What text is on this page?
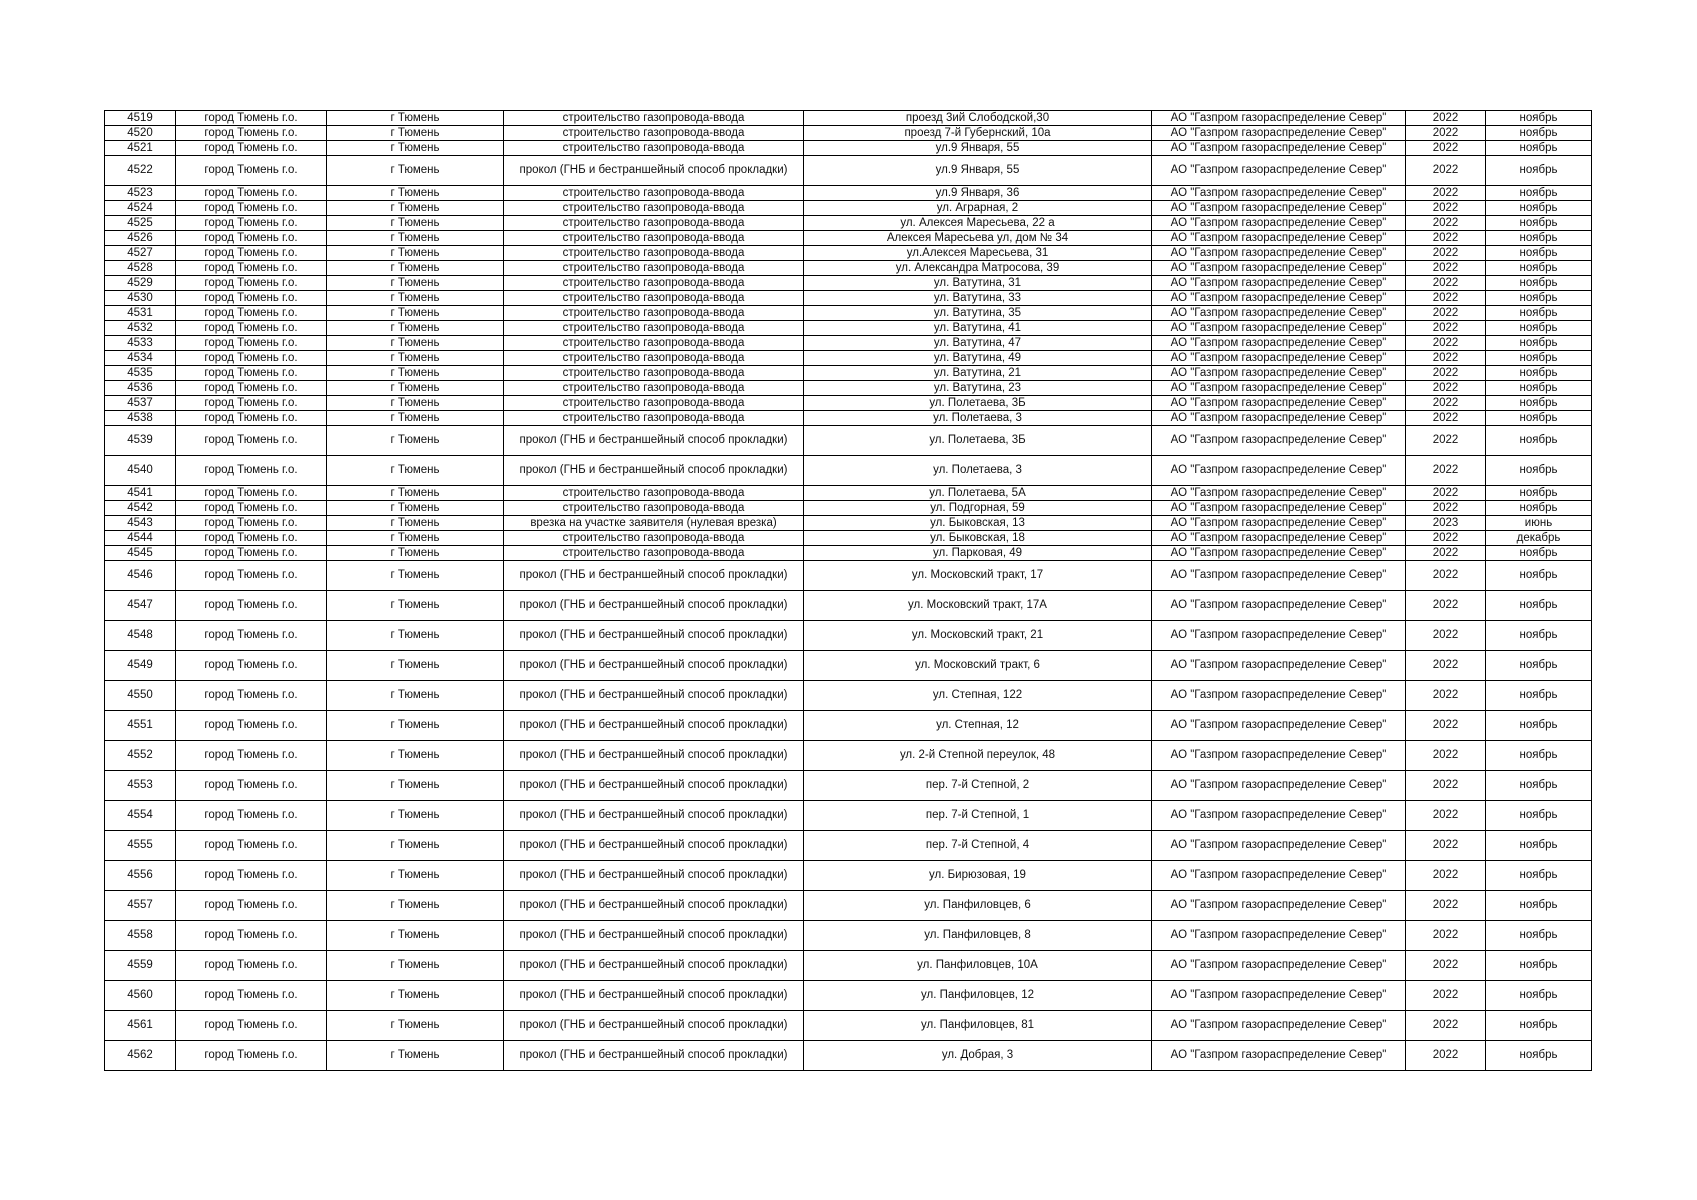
4519	город Тюмень г.о.	г Тюмень	строительство газопровода-ввода	проезд 3ий Слободской,30	АО "Газпром газораспределение Север"	2022	ноябрь
4520	город Тюмень г.о.	г Тюмень	строительство газопровода-ввода	проезд 7-й Губернский, 10а	АО "Газпром газораспределение Север"	2022	ноябрь
4521	город Тюмень г.о.	г Тюмень	строительство газопровода-ввода	ул.9 Января, 55	АО "Газпром газораспределение Север"	2022	ноябрь
4522	город Тюмень г.о.	г Тюмень	прокол (ГНБ и бестраншейный способ прокладки)	ул.9 Января, 55	АО "Газпром газораспределение Север"	2022	ноябрь
4523	город Тюмень г.о.	г Тюмень	строительство газопровода-ввода	ул.9 Января, 36	АО "Газпром газораспределение Север"	2022	ноябрь
4524	город Тюмень г.о.	г Тюмень	строительство газопровода-ввода	ул. Аграрная, 2	АО "Газпром газораспределение Север"	2022	ноябрь
4525	город Тюмень г.о.	г Тюмень	строительство газопровода-ввода	ул. Алексея Маресьева, 22 а	АО "Газпром газораспределение Север"	2022	ноябрь
4526	город Тюмень г.о.	г Тюмень	строительство газопровода-ввода	Алексея Маресьева ул, дом № 34	АО "Газпром газораспределение Север"	2022	ноябрь
4527	город Тюмень г.о.	г Тюмень	строительство газопровода-ввода	ул.Алексея Маресьева, 31	АО "Газпром газораспределение Север"	2022	ноябрь
4528	город Тюмень г.о.	г Тюмень	строительство газопровода-ввода	ул. Александра Матросова, 39	АО "Газпром газораспределение Север"	2022	ноябрь
4529	город Тюмень г.о.	г Тюмень	строительство газопровода-ввода	ул. Ватутина, 31	АО "Газпром газораспределение Север"	2022	ноябрь
4530	город Тюмень г.о.	г Тюмень	строительство газопровода-ввода	ул. Ватутина, 33	АО "Газпром газораспределение Север"	2022	ноябрь
4531	город Тюмень г.о.	г Тюмень	строительство газопровода-ввода	ул. Ватутина, 35	АО "Газпром газораспределение Север"	2022	ноябрь
4532	город Тюмень г.о.	г Тюмень	строительство газопровода-ввода	ул. Ватутина, 41	АО "Газпром газораспределение Север"	2022	ноябрь
4533	город Тюмень г.о.	г Тюмень	строительство газопровода-ввода	ул. Ватутина, 47	АО "Газпром газораспределение Север"	2022	ноябрь
4534	город Тюмень г.о.	г Тюмень	строительство газопровода-ввода	ул. Ватутина, 49	АО "Газпром газораспределение Север"	2022	ноябрь
4535	город Тюмень г.о.	г Тюмень	строительство газопровода-ввода	ул. Ватутина, 21	АО "Газпром газораспределение Север"	2022	ноябрь
4536	город Тюмень г.о.	г Тюмень	строительство газопровода-ввода	ул. Ватутина, 23	АО "Газпром газораспределение Север"	2022	ноябрь
4537	город Тюмень г.о.	г Тюмень	строительство газопровода-ввода	ул. Полетаева, 3Б	АО "Газпром газораспределение Север"	2022	ноябрь
4538	город Тюмень г.о.	г Тюмень	строительство газопровода-ввода	ул. Полетаева, 3	АО "Газпром газораспределение Север"	2022	ноябрь
4539	город Тюмень г.о.	г Тюмень	прокол (ГНБ и бестраншейный способ прокладки)	ул. Полетаева, 3Б	АО "Газпром газораспределение Север"	2022	ноябрь
4540	город Тюмень г.о.	г Тюмень	прокол (ГНБ и бестраншейный способ прокладки)	ул. Полетаева, 3	АО "Газпром газораспределение Север"	2022	ноябрь
4541	город Тюмень г.о.	г Тюмень	строительство газопровода-ввода	ул. Полетаева, 5А	АО "Газпром газораспределение Север"	2022	ноябрь
4542	город Тюмень г.о.	г Тюмень	строительство газопровода-ввода	ул. Подгорная, 59	АО "Газпром газораспределение Север"	2022	ноябрь
4543	город Тюмень г.о.	г Тюмень	врезка на участке заявителя (нулевая врезка)	ул. Быковская, 13	АО "Газпром газораспределение Север"	2023	июнь
4544	город Тюмень г.о.	г Тюмень	строительство газопровода-ввода	ул. Быковская, 18	АО "Газпром газораспределение Север"	2022	декабрь
4545	город Тюмень г.о.	г Тюмень	строительство газопровода-ввода	ул. Парковая, 49	АО "Газпром газораспределение Север"	2022	ноябрь
4546	город Тюмень г.о.	г Тюмень	прокол (ГНБ и бестраншейный способ прокладки)	ул. Московский тракт, 17	АО "Газпром газораспределение Север"	2022	ноябрь
4547	город Тюмень г.о.	г Тюмень	прокол (ГНБ и бестраншейный способ прокладки)	ул. Московский тракт, 17А	АО "Газпром газораспределение Север"	2022	ноябрь
4548	город Тюмень г.о.	г Тюмень	прокол (ГНБ и бестраншейный способ прокладки)	ул. Московский тракт, 21	АО "Газпром газораспределение Север"	2022	ноябрь
4549	город Тюмень г.о.	г Тюмень	прокол (ГНБ и бестраншейный способ прокладки)	ул. Московский тракт, 6	АО "Газпром газораспределение Север"	2022	ноябрь
4550	город Тюмень г.о.	г Тюмень	прокол (ГНБ и бестраншейный способ прокладки)	ул. Степная, 122	АО "Газпром газораспределение Север"	2022	ноябрь
4551	город Тюмень г.о.	г Тюмень	прокол (ГНБ и бестраншейный способ прокладки)	ул. Степная, 12	АО "Газпром газораспределение Север"	2022	ноябрь
4552	город Тюмень г.о.	г Тюмень	прокол (ГНБ и бестраншейный способ прокладки)	ул. 2-й Степной переулок, 48	АО "Газпром газораспределение Север"	2022	ноябрь
4553	город Тюмень г.о.	г Тюмень	прокол (ГНБ и бестраншейный способ прокладки)	пер. 7-й Степной, 2	АО "Газпром газораспределение Север"	2022	ноябрь
4554	город Тюмень г.о.	г Тюмень	прокол (ГНБ и бестраншейный способ прокладки)	пер. 7-й Степной, 1	АО "Газпром газораспределение Север"	2022	ноябрь
4555	город Тюмень г.о.	г Тюмень	прокол (ГНБ и бестраншейный способ прокладки)	пер. 7-й Степной, 4	АО "Газпром газораспределение Север"	2022	ноябрь
4556	город Тюмень г.о.	г Тюмень	прокол (ГНБ и бестраншейный способ прокладки)	ул. Бирюзовая, 19	АО "Газпром газораспределение Север"	2022	ноябрь
4557	город Тюмень г.о.	г Тюмень	прокол (ГНБ и бестраншейный способ прокладки)	ул. Панфиловцев, 6	АО "Газпром газораспределение Север"	2022	ноябрь
4558	город Тюмень г.о.	г Тюмень	прокол (ГНБ и бестраншейный способ прокладки)	ул. Панфиловцев, 8	АО "Газпром газораспределение Север"	2022	ноябрь
4559	город Тюмень г.о.	г Тюмень	прокол (ГНБ и бестраншейный способ прокладки)	ул. Панфиловцев, 10А	АО "Газпром газораспределение Север"	2022	ноябрь
4560	город Тюмень г.о.	г Тюмень	прокол (ГНБ и бестраншейный способ прокладки)	ул. Панфиловцев, 12	АО "Газпром газораспределение Север"	2022	ноябрь
4561	город Тюмень г.о.	г Тюмень	прокол (ГНБ и бестраншейный способ прокладки)	ул. Панфиловцев, 81	АО "Газпром газораспределение Север"	2022	ноябрь
4562	город Тюмень г.о.	г Тюмень	прокол (ГНБ и бестраншейный способ прокладки)	ул. Добрая, 3	АО "Газпром газораспределение Север"	2022	ноябрь
